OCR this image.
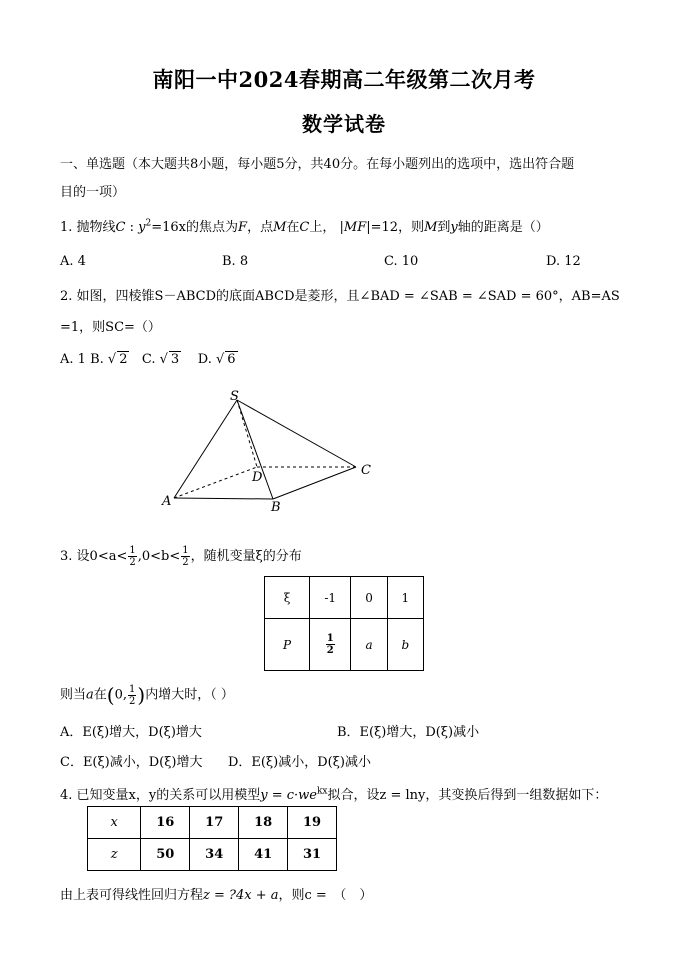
南阳一中2024春期高二年级第二次月考
数学试卷
一、单选题（本大题共8小题，每小题5分，共40分。在每小题列出的选项中，选出符合题
目的一项）
1. 抛物线C : $y^2=16x$的焦点为F，点M在C上， |MF|=12，则M到y轴的距离是（）
A. 4	B. 8	C. 10	D. 12
2. 如图，四棱锥S－ABCD的底面ABCD是菱形，且∠BAD = ∠SAB = ∠SAD = 60°，AB=AS
=1，则SC=（）
A. 1 B. √ 2 C. √ 3 D. √ 6
S
D	C
A	B
3. 设$0<a< \frac{1}{2} ,0<b< \frac{1}{2}$ ，随机变量ξ的分布
ξ	-1	0	1
P	$\frac{1}{2}$	a	b
则当a在(0, $\frac{1}{2}$ )内增大时，（ ）
A．E(ξ)增大，D(ξ)增大	B．E(ξ)增大，D(ξ)减小
C．E(ξ)减小，D(ξ)增大 D．E(ξ)减小，D(ξ)减小
4. 已知变量x，y的关系可以用模型$y = c\cdot we^{kx}$拟合，设z = lny，其变换后得到一组数据如下：
x	16	17	18	19
z	50	34	41	31
由上表可得线性回归方程z = ?4x + a，则c =　（　）
